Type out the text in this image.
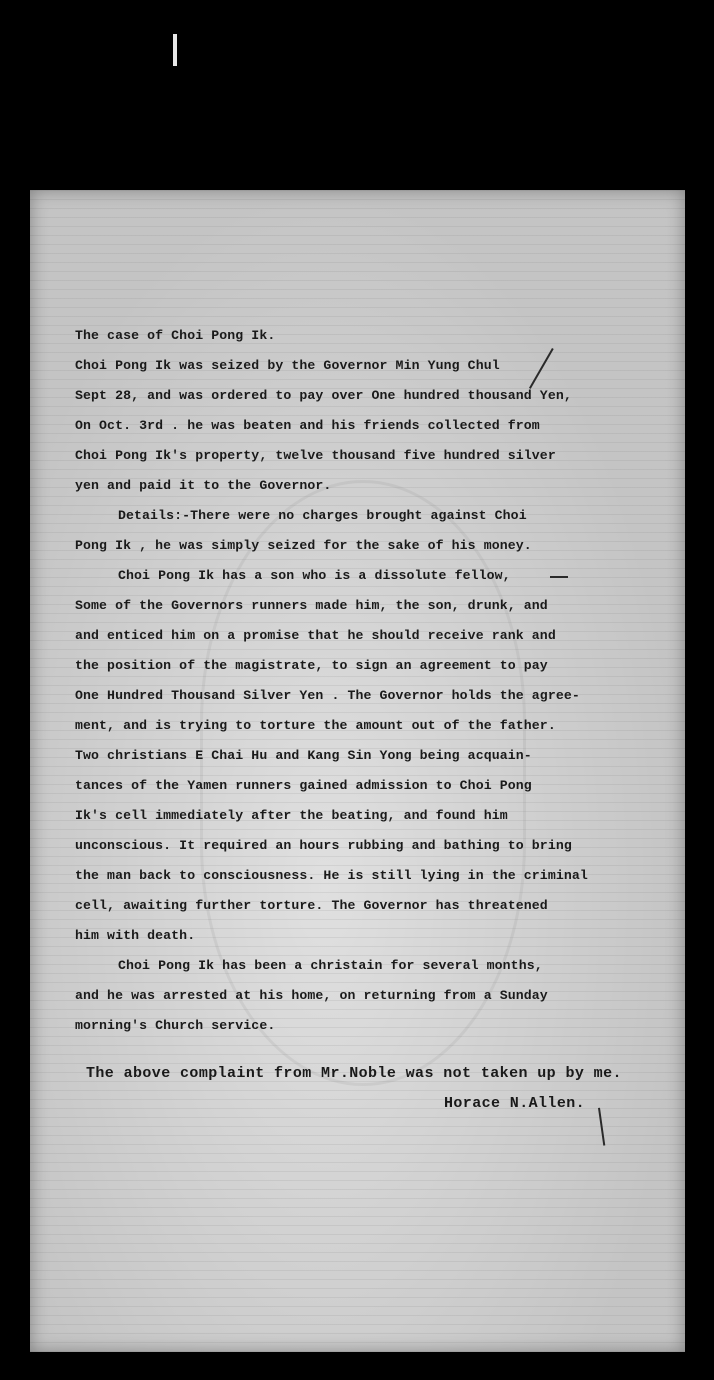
The case of Choi Pong Ik.
Choi Pong Ik was seized by the Governor Min Yung Chul
Sept 28, and was ordered to pay over One hundred thousand Yen,
On Oct. 3rd . he was beaten and his friends collected from
Choi Pong Ik's property, twelve thousand five hundred silver
yen and paid it to the Governor.
Details:-There were no charges brought against Choi
Pong Ik , he was simply seized for the sake of his money.
Choi Pong Ik has a son who is a dissolute fellow,
Some of the Governors runners made him, the son, drunk, and
and enticed him on a promise that he should receive rank and
the position of the magistrate, to sign an agreement to pay
One Hundred Thousand Silver Yen . The Governor holds the agree-
ment, and is trying to torture the amount out of the father.
Two christians E Chai Hu and Kang Sin Yong being acquain-
tances of the Yamen runners gained admission to Choi Pong
Ik's cell immediately after the beating, and found him
unconscious. It required an hours rubbing and bathing to bring
the man back to consciousness. He is still lying in the criminal
cell, awaiting further torture. The Governor has threatened
him with death.
Choi Pong Ik has been a christain for several months,
and he was arrested at his home, on returning from a Sunday
morning's Church service.
The above complaint from Mr.Noble was not taken up by me.
Horace N.Allen.
